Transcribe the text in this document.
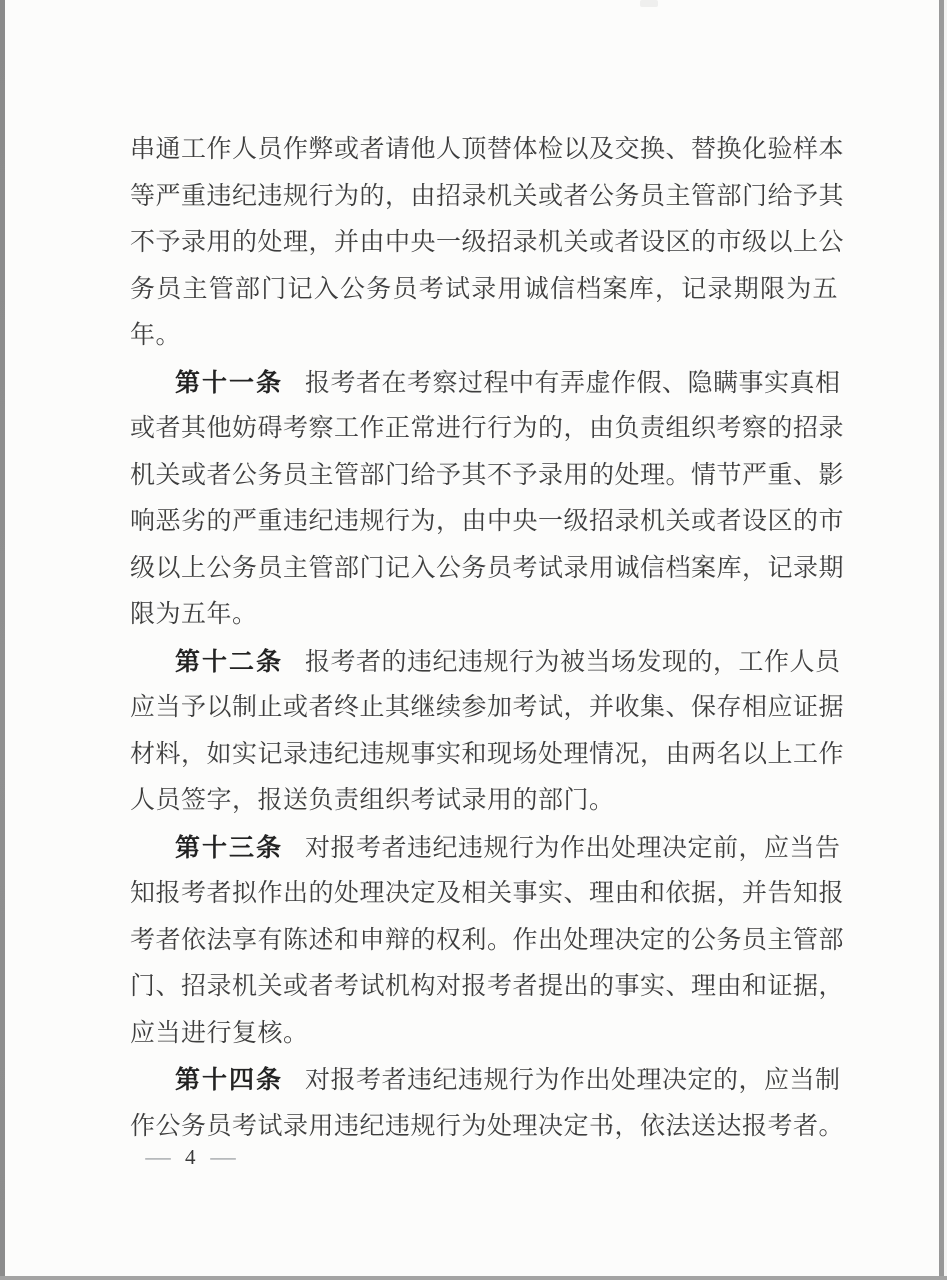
串通工作人员作弊或者请他人顶替体检以及交换、替换化验样本
等严重违纪违规行为的，由招录机关或者公务员主管部门给予其
不予录用的处理，并由中央一级招录机关或者设区的市级以上公
务员主管部门记入公务员考试录用诚信档案库，记录期限为五
年。
第十一条 报考者在考察过程中有弄虚作假、隐瞒事实真相
或者其他妨碍考察工作正常进行行为的，由负责组织考察的招录
机关或者公务员主管部门给予其不予录用的处理。情节严重、影
响恶劣的严重违纪违规行为，由中央一级招录机关或者设区的市
级以上公务员主管部门记入公务员考试录用诚信档案库，记录期
限为五年。
第十二条 报考者的违纪违规行为被当场发现的，工作人员
应当予以制止或者终止其继续参加考试，并收集、保存相应证据
材料，如实记录违纪违规事实和现场处理情况，由两名以上工作
人员签字，报送负责组织考试录用的部门。
第十三条 对报考者违纪违规行为作出处理决定前，应当告
知报考者拟作出的处理决定及相关事实、理由和依据，并告知报
考者依法享有陈述和申辩的权利。作出处理决定的公务员主管部
门、招录机关或者考试机构对报考者提出的事实、理由和证据，
应当进行复核。
第十四条 对报考者违纪违规行为作出处理决定的，应当制
作公务员考试录用违纪违规行为处理决定书，依法送达报考者。
— 4 —
